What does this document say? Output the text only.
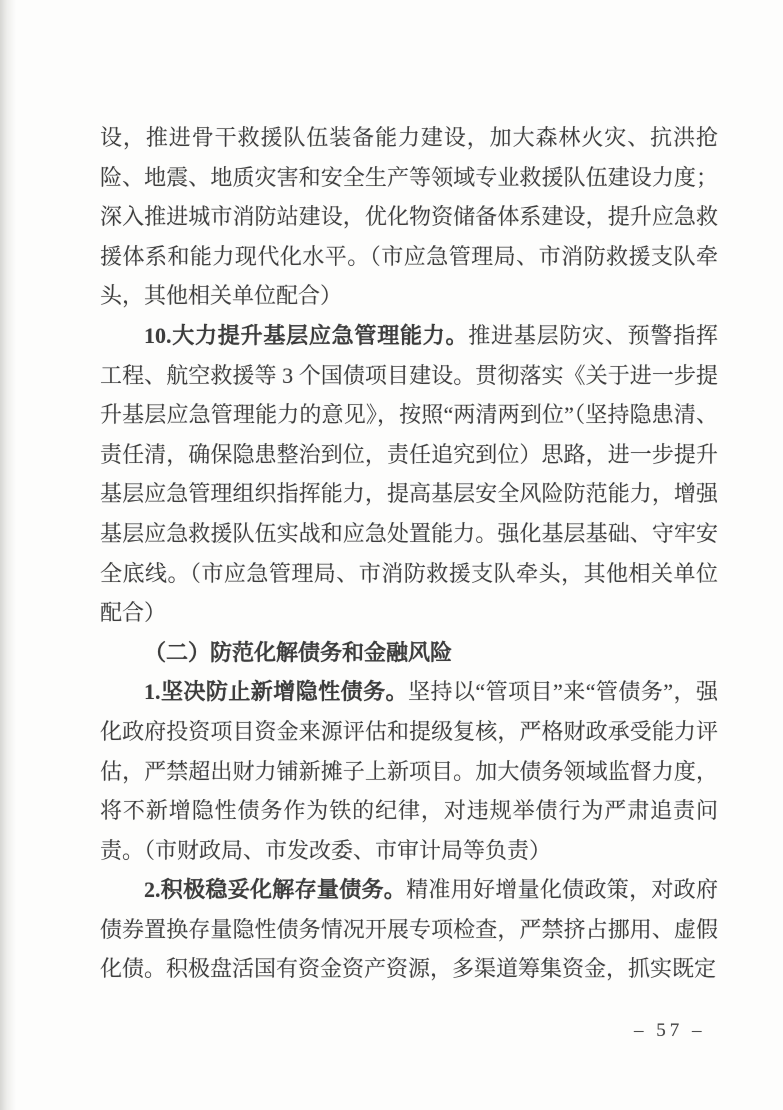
设，推进骨干救援队伍装备能力建设，加大森林火灾、抗洪抢险、地震、地质灾害和安全生产等领域专业救援队伍建设力度；深入推进城市消防站建设，优化物资储备体系建设，提升应急救援体系和能力现代化水平。（市应急管理局、市消防救援支队牵头，其他相关单位配合）

10.大力提升基层应急管理能力。推进基层防灾、预警指挥工程、航空救援等 3 个国债项目建设。贯彻落实《关于进一步提升基层应急管理能力的意见》，按照“两清两到位”（坚持隐患清、责任清，确保隐患整治到位，责任追究到位）思路，进一步提升基层应急管理组织指挥能力，提高基层安全风险防范能力，增强基层应急救援队伍实战和应急处置能力。强化基层基础、守牢安全底线。（市应急管理局、市消防救援支队牵头，其他相关单位配合）

（二）防范化解债务和金融风险

1.坚决防止新增隐性债务。坚持以“管项目”来“管债务”，强化政府投资项目资金来源评估和提级复核，严格财政承受能力评估，严禁超出财力铺新摊子上新项目。加大债务领域监督力度，将不新增隐性债务作为铁的纪律，对违规举债行为严肃追责问责。（市财政局、市发改委、市审计局等负责）

2.积极稳妥化解存量债务。精准用好增量化债政策，对政府债券置换存量隐性债务情况开展专项检查，严禁挤占挪用、虚假化债。积极盘活国有资金资产资源，多渠道筹集资金，抓实既定

– 57 –
